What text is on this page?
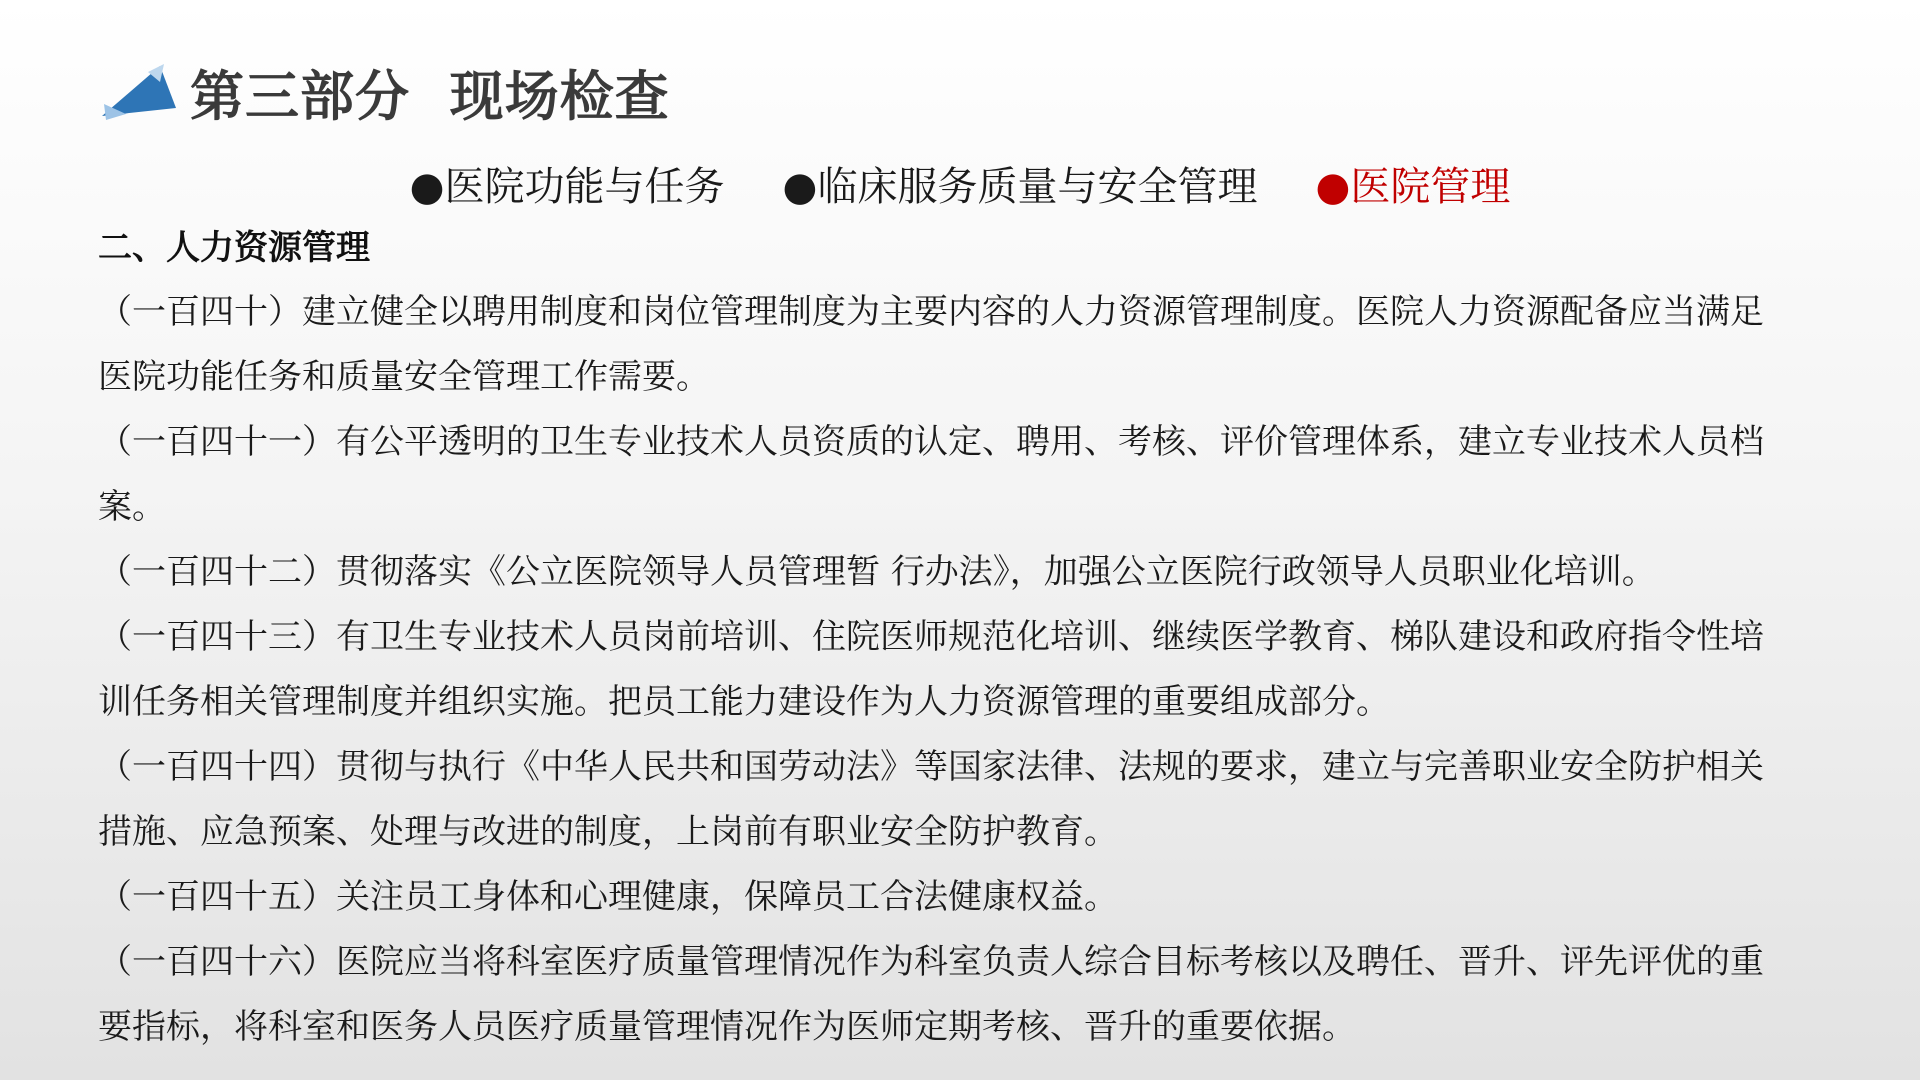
第三部分  现场检查
●医院功能与任务 ●临床服务质量与安全管理 ●医院管理
二、人力资源管理

（一百四十）建立健全以聘用制度和岗位管理制度为主要内容的人力资源管理制度。医院人力资源配备应当满足医院功能任务和质量安全管理工作需要。

（一百四十一）有公平透明的卫生专业技术人员资质的认定、聘用、考核、评价管理体系，建立专业技术人员档案。

（一百四十二）贯彻落实《公立医院领导人员管理暂 行办法》，加强公立医院行政领导人员职业化培训。

（一百四十三）有卫生专业技术人员岗前培训、住院医师规范化培训、继续医学教育、梯队建设和政府指令性培训任务相关管理制度并组织实施。把员工能力建设作为人力资源管理的重要组成部分。

（一百四十四）贯彻与执行《中华人民共和国劳动法》等国家法律、法规的要求，建立与完善职业安全防护相关措施、应急预案、处理与改进的制度，上岗前有职业安全防护教育。

（一百四十五）关注员工身体和心理健康，保障员工合法健康权益。

（一百四十六）医院应当将科室医疗质量管理情况作为科室负责人综合目标考核以及聘任、晋升、评先评优的重要指标，将科室和医务人员医疗质量管理情况作为医师定期考核、晋升的重要依据。
